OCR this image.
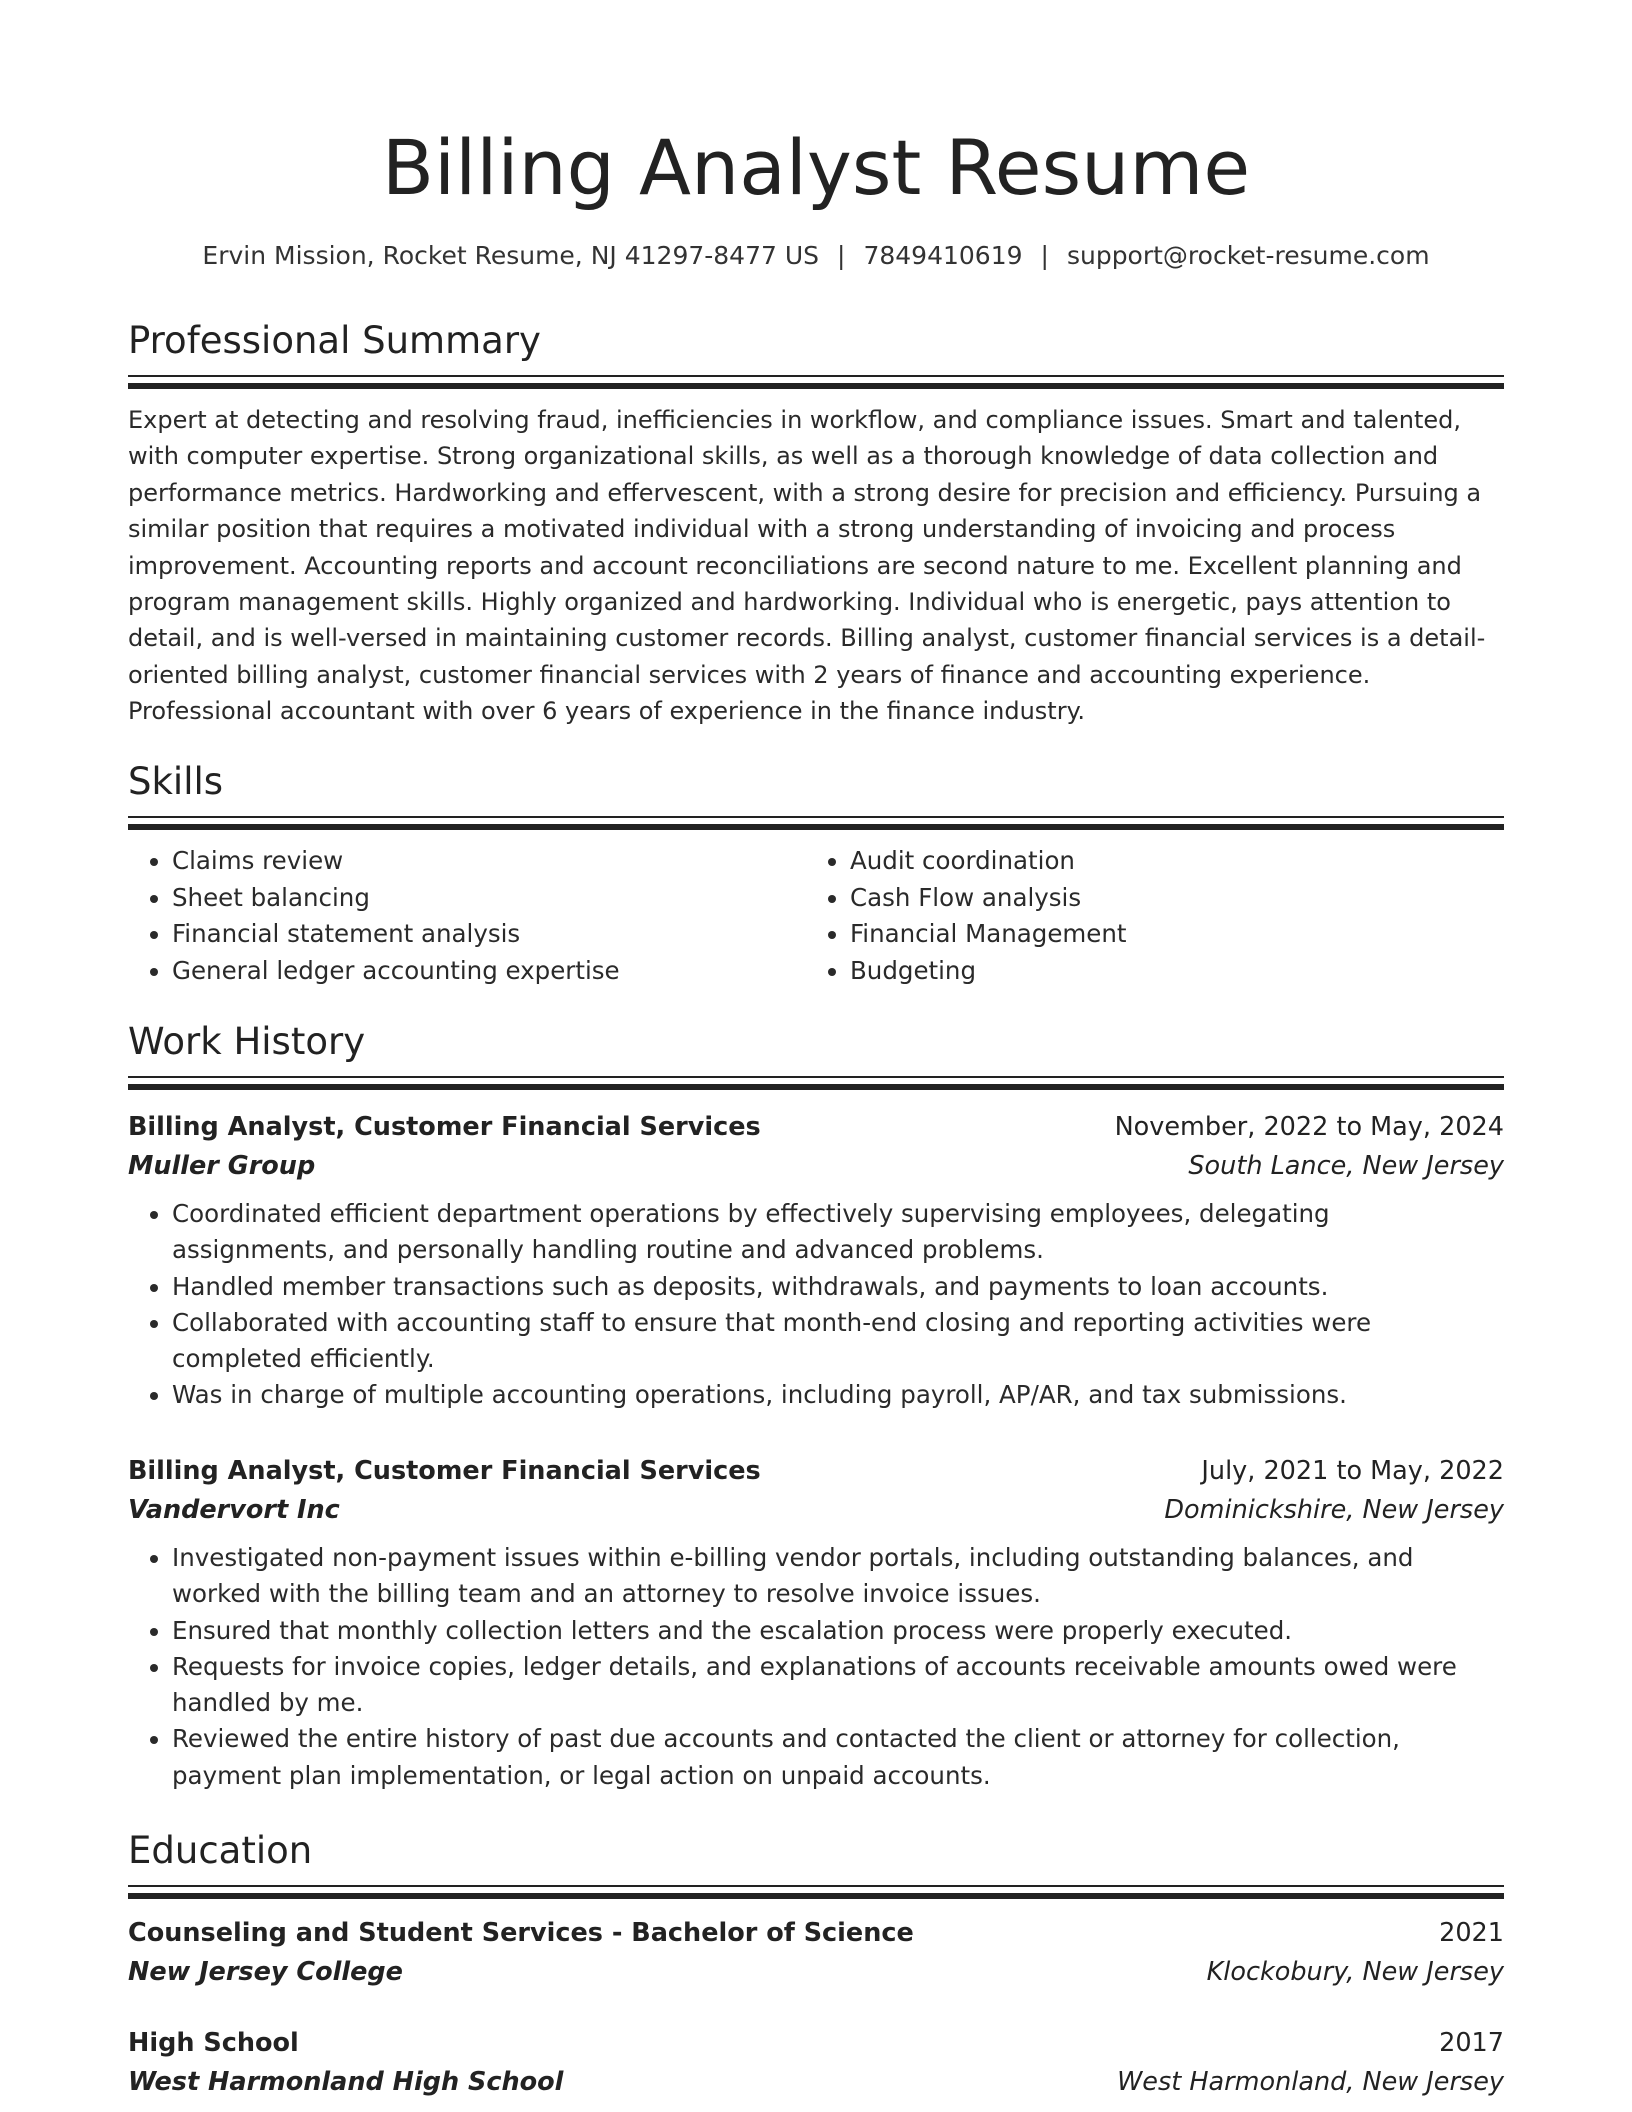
Billing Analyst Resume
Ervin Mission, Rocket Resume, NJ 41297-8477 US | 7849410619 | support@rocket-resume.com
Professional Summary

Expert at detecting and resolving fraud, inefficiencies in workflow, and compliance issues. Smart and talented, with computer expertise. Strong organizational skills, as well as a thorough knowledge of data collection and performance metrics. Hardworking and effervescent, with a strong desire for precision and efficiency. Pursuing a similar position that requires a motivated individual with a strong understanding of invoicing and process improvement. Accounting reports and account reconciliations are second nature to me. Excellent planning and program management skills. Highly organized and hardworking. Individual who is energetic, pays attention to detail, and is well-versed in maintaining customer records. Billing analyst, customer financial services is a detail-oriented billing analyst, customer financial services with 2 years of finance and accounting experience. Professional accountant with over 6 years of experience in the finance industry.

Skills
• Claims review
• Sheet balancing
• Financial statement analysis
• General ledger accounting expertise
• Audit coordination
• Cash Flow analysis
• Financial Management
• Budgeting
Work History
Billing Analyst, Customer Financial Services	November, 2022 to May, 2024
Muller Group	South Lance, New Jersey
• Coordinated efficient department operations by effectively supervising employees, delegating assignments, and personally handling routine and advanced problems.
• Handled member transactions such as deposits, withdrawals, and payments to loan accounts.
• Collaborated with accounting staff to ensure that month-end closing and reporting activities were completed efficiently.
• Was in charge of multiple accounting operations, including payroll, AP/AR, and tax submissions.
Billing Analyst, Customer Financial Services	July, 2021 to May, 2022
Vandervort Inc	Dominickshire, New Jersey
• Investigated non-payment issues within e-billing vendor portals, including outstanding balances, and worked with the billing team and an attorney to resolve invoice issues.
• Ensured that monthly collection letters and the escalation process were properly executed.
• Requests for invoice copies, ledger details, and explanations of accounts receivable amounts owed were handled by me.
• Reviewed the entire history of past due accounts and contacted the client or attorney for collection, payment plan implementation, or legal action on unpaid accounts.
Education
Counseling and Student Services - Bachelor of Science	2021
New Jersey College	Klockobury, New Jersey
High School	2017
West Harmonland High School	West Harmonland, New Jersey
